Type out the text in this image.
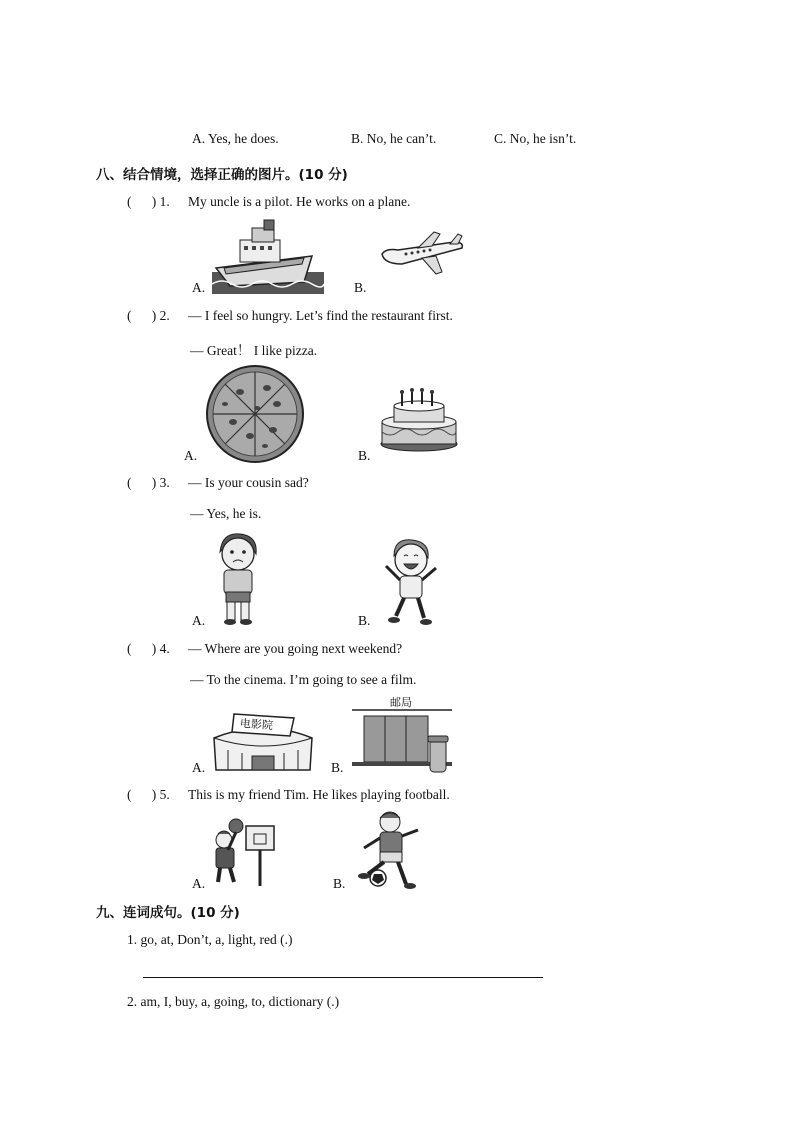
A. Yes, he does.	B. No, he can’t.	C. No, he isn’t.
八、结合情境，选择正确的图片。(10 分)
(      ) 1. My uncle is a pilot. He works on a plane.
A.	B.
(      ) 2. — I feel so hungry. Let’s find the restaurant first.
— Great！ I like pizza.
A.	B.
(      ) 3. — Is your cousin sad?
— Yes, he is.
A.	B.
(      ) 4. — Where are you going next weekend?
— To the cinema. I’m going to see a film.
电影院
A.
邮局
B.
(      ) 5. This is my friend Tim. He likes playing football.
A.	B.
九、连词成句。(10 分)
1. go, at, Don’t, a, light, red (.)
2. am, I, buy, a, going, to, dictionary (.)
